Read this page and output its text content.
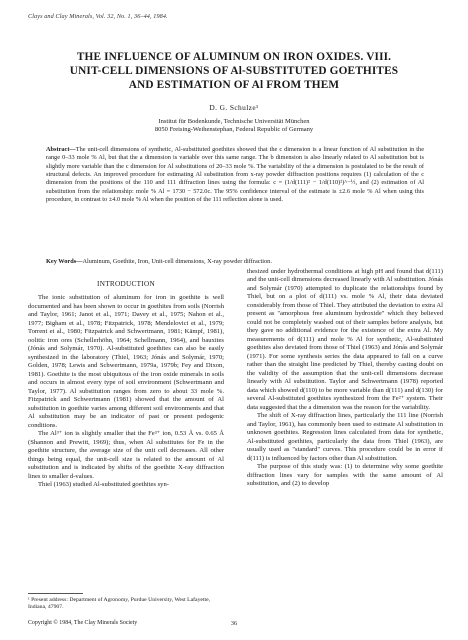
Clays and Clay Minerals, Vol. 32, No. 1, 36–44, 1984.
THE INFLUENCE OF ALUMINUM ON IRON OXIDES. VIII.
UNIT-CELL DIMENSIONS OF Al-SUBSTITUTED GOETHITES
AND ESTIMATION OF Al FROM THEM
D. G. Schulze¹
Institut für Bodenkunde, Technische Universität München
8050 Freising-Weihenstephan, Federal Republic of Germany
Abstract—The unit-cell dimensions of synthetic, Al-substituted goethites showed that the c dimension is a linear function of Al substitution in the range 0–33 mole % Al, but that the a dimension is variable over this same range. The b dimension is also linearly related to Al substitution but is slightly more variable than the c dimension for Al substitutions of 20–33 mole %. The variability of the a dimension is postulated to be the result of structural defects. An improved procedure for estimating Al substitution from x-ray powder diffraction positions requires (1) calculation of the c dimension from the positions of the 110 and 111 diffraction lines using the formula: c = (1/d(111)² − 1/d(110)²)^−½, and (2) estimation of Al substitution from the relationship: mole % Al = 1730 − 572.0c. The 95% confidence interval of the estimate is ±2.6 mole % Al when using this procedure, in contrast to ±4.0 mole % Al when the position of the 111 reflection alone is used.
Key Words—Aluminum, Goethite, Iron, Unit-cell dimensions, X-ray powder diffraction.
INTRODUCTION

The ionic substitution of aluminum for iron in goethite is well documented and has been shown to occur in goethites from soils (Norrish and Taylor, 1961; Janot et al., 1971; Davey et al., 1975; Nahon et al., 1977; Bigham et al., 1978; Fitzpatrick, 1978; Mendelovici et al., 1979; Torrent et al., 1980; Fitzpatrick and Schwertmann, 1981; Kämpf, 1981), oolitic iron ores (Schellerhöhn, 1964; Schellmann, 1964), and bauxites (Jónás and Solymár, 1970). Al-substituted goethites can also be easily synthesized in the laboratory (Thiel, 1963; Jónás and Solymár, 1970; Golden, 1978; Lewis and Schwertmann, 1979a, 1979b; Fey and Dixon, 1981). Goethite is the most ubiquitous of the iron oxide minerals in soils and occurs in almost every type of soil environment (Schwertmann and Taylor, 1977). Al substitution ranges from zero to about 33 mole %. Fitzpatrick and Schwertmann (1981) showed that the amount of Al substitution in goethite varies among different soil environments and that Al substitution may be an indicator of past or present pedogenic conditions.

The Al³⁺ ion is slightly smaller that the Fe³⁺ ion, 0.53 Å vs. 0.65 Å (Shannon and Prewitt, 1969); thus, when Al substitutes for Fe in the goethite structure, the average size of the unit cell decreases. All other things being equal, the unit-cell size is related to the amount of Al substitution and is indicated by shifts of the goethite X-ray diffraction lines to smaller d-values.

Thiel (1963) studied Al-substituted goethites syn-

thesized under hydrothermal conditions at high pH and found that d(111) and the unit-cell dimensions decreased linearly with Al substitution. Jónás and Solymár (1970) attempted to duplicate the relationships found by Thiel, but on a plot of d(111) vs. mole % Al, their data deviated considerably from those of Thiel. They attributed the deviation to extra Al present as "amorphous free aluminum hydroxide" which they believed could not be completely washed out of their samples before analysis, but they gave no additional evidence for the existence of the extra Al. My measurements of d(111) and mole % Al for synthetic, Al-substituted goethites also deviated from those of Thiel (1963) and Jónás and Solymár (1971). For some synthesis series the data appeared to fall on a curve rather than the straight line predicted by Thiel, thereby casting doubt on the validity of the assumption that the unit-cell dimensions decrease linearly with Al substitution. Taylor and Schwertmann (1978) reported data which showed d(110) to be more variable than d(111) and d(130) for several Al-substituted goethites synthesized from the Fe²⁺ system. Their data suggested that the a dimension was the reason for the variability.

The shift of X-ray diffraction lines, particularly the 111 line (Norrish and Taylor, 1961), has commonly been used to estimate Al substitution in unknown goethites. Regression lines calculated from data for synthetic, Al-substituted goethites, particularly the data from Thiel (1963), are usually used as "standard" curves. This procedure could be in error if d(111) is influenced by factors other than Al substitution.

The purpose of this study was: (1) to determine why some goethite diffraction lines vary for samples with the same amount of Al substitution, and (2) to develop

¹ Present address: Department of Agronomy, Purdue University, West Lafayette, Indiana, 47907.
Copyright © 1984, The Clay Minerals Society	36
